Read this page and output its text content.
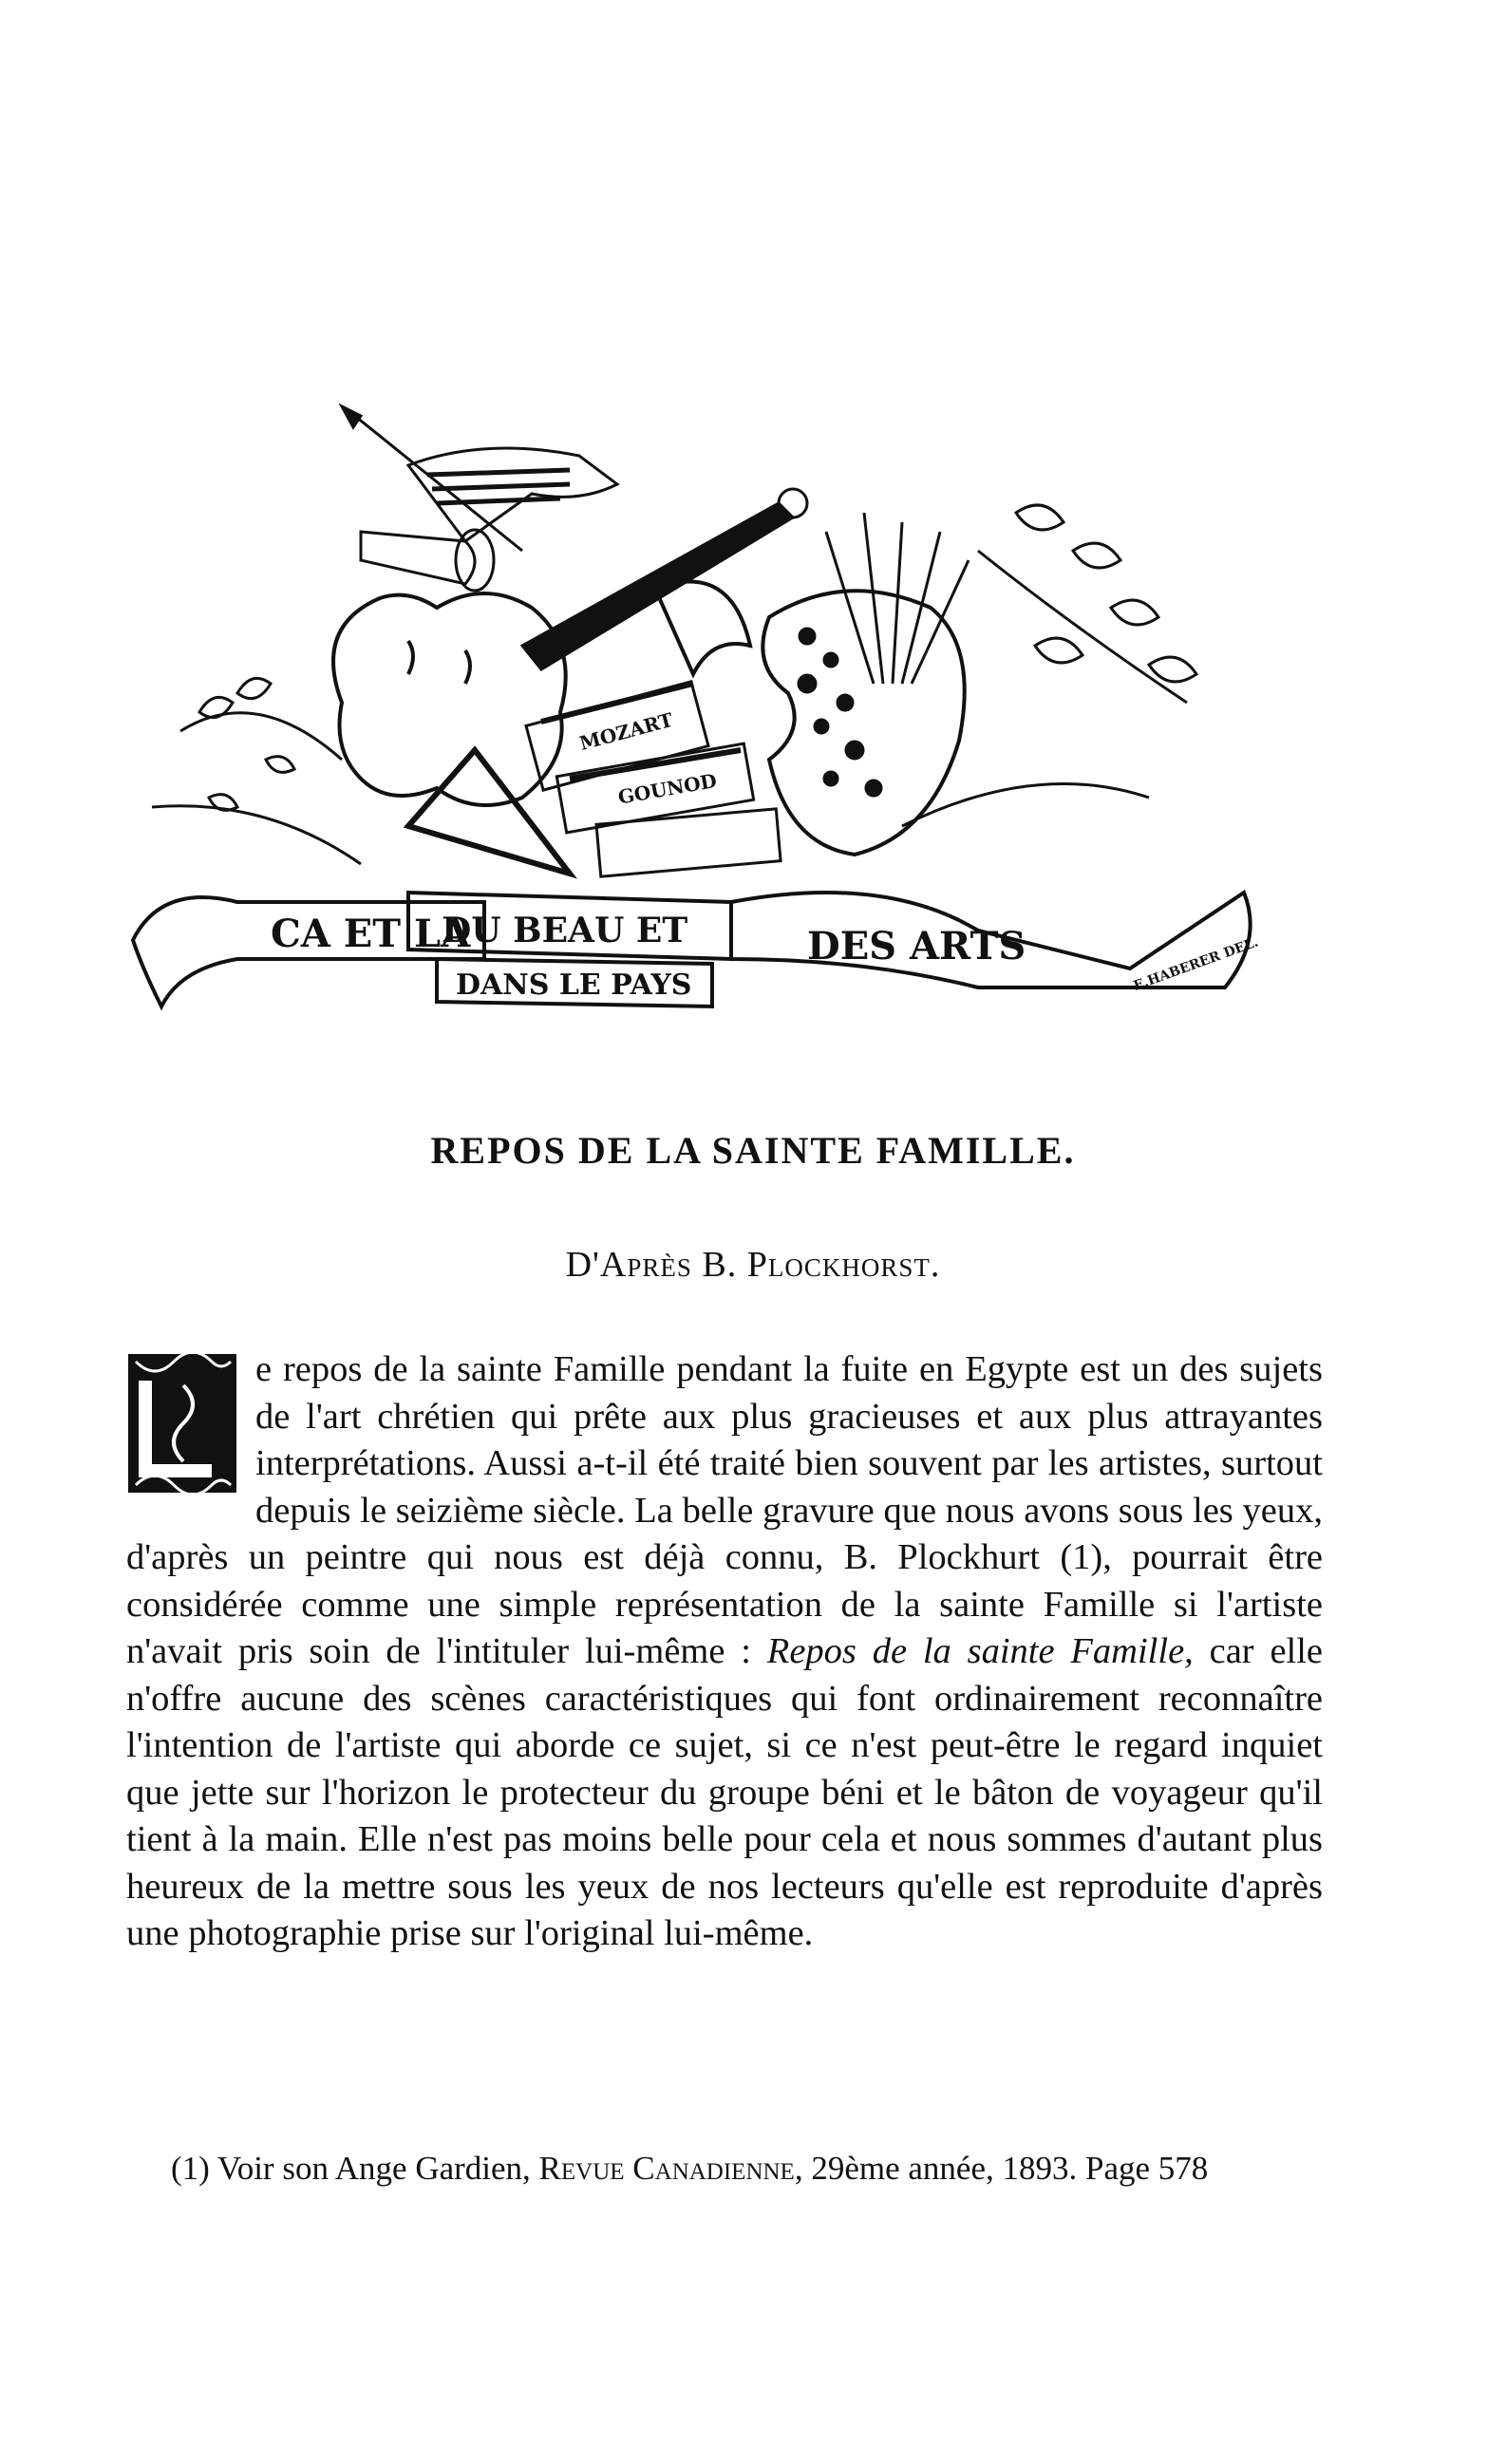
CA ET LA
DU BEAU ET
DANS LE PAYS
DES ARTS
MOZART
GOUNOD
E.HABERER DEL.
REPOS DE LA SAINTE FAMILLE.
D'Après B. Plockhorst.
e repos de la sainte Famille pendant la fuite en Egypte est un des sujets de l'art chrétien qui prête aux plus gracieuses et aux plus attrayantes interprétations. Aussi a-t-il été traité bien souvent par les artistes, surtout depuis le seizième siècle. La belle gravure que nous avons sous les yeux, d'après un peintre qui nous est déjà connu, B. Plockhurt (1), pourrait être considérée comme une simple représentation de la sainte Famille si l'artiste n'avait pris soin de l'intituler lui-même : Repos de la sainte Famille, car elle n'offre aucune des scènes caractéristiques qui font ordinairement reconnaître l'intention de l'artiste qui aborde ce sujet, si ce n'est peut-être le regard inquiet que jette sur l'horizon le protecteur du groupe béni et le bâton de voyageur qu'il tient à la main. Elle n'est pas moins belle pour cela et nous sommes d'autant plus heureux de la mettre sous les yeux de nos lecteurs qu'elle est reproduite d'après une photographie prise sur l'original lui-même.
(1) Voir son Ange Gardien, Revue Canadienne, 29ème année, 1893. Page 578
